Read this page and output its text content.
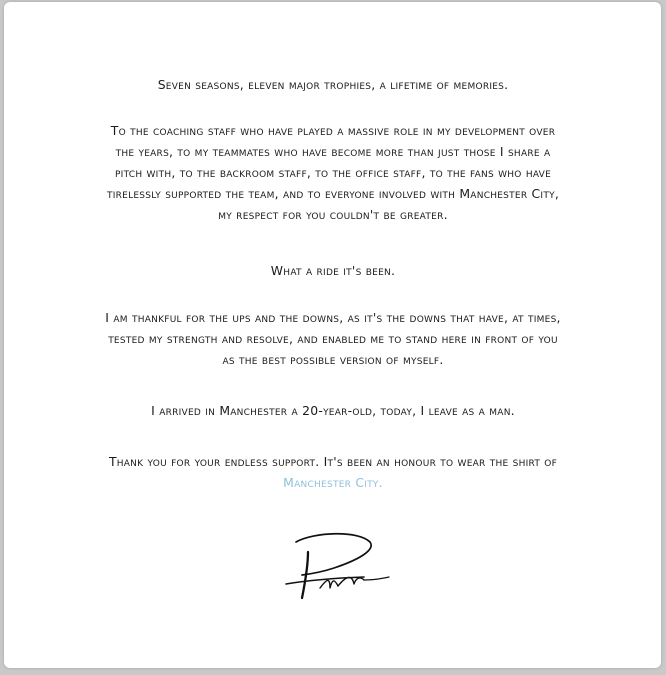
Seven seasons, eleven major trophies, a lifetime of memories.
To the coaching staff who have played a massive role in my development over
the years, to my teammates who have become more than just those I share a
pitch with, to the backroom staff, to the office staff, to the fans who have
tirelessly supported the team, and to everyone involved with Manchester City,
my respect for you couldn't be greater.
What a ride it's been.
I am thankful for the ups and the downs, as it's the downs that have, at times,
tested my strength and resolve, and enabled me to stand here in front of you
as the best possible version of myself.
I arrived in Manchester a 20-year-old, today, I leave as a man.
Thank you for your endless support. It's been an honour to wear the shirt of
Manchester City.
